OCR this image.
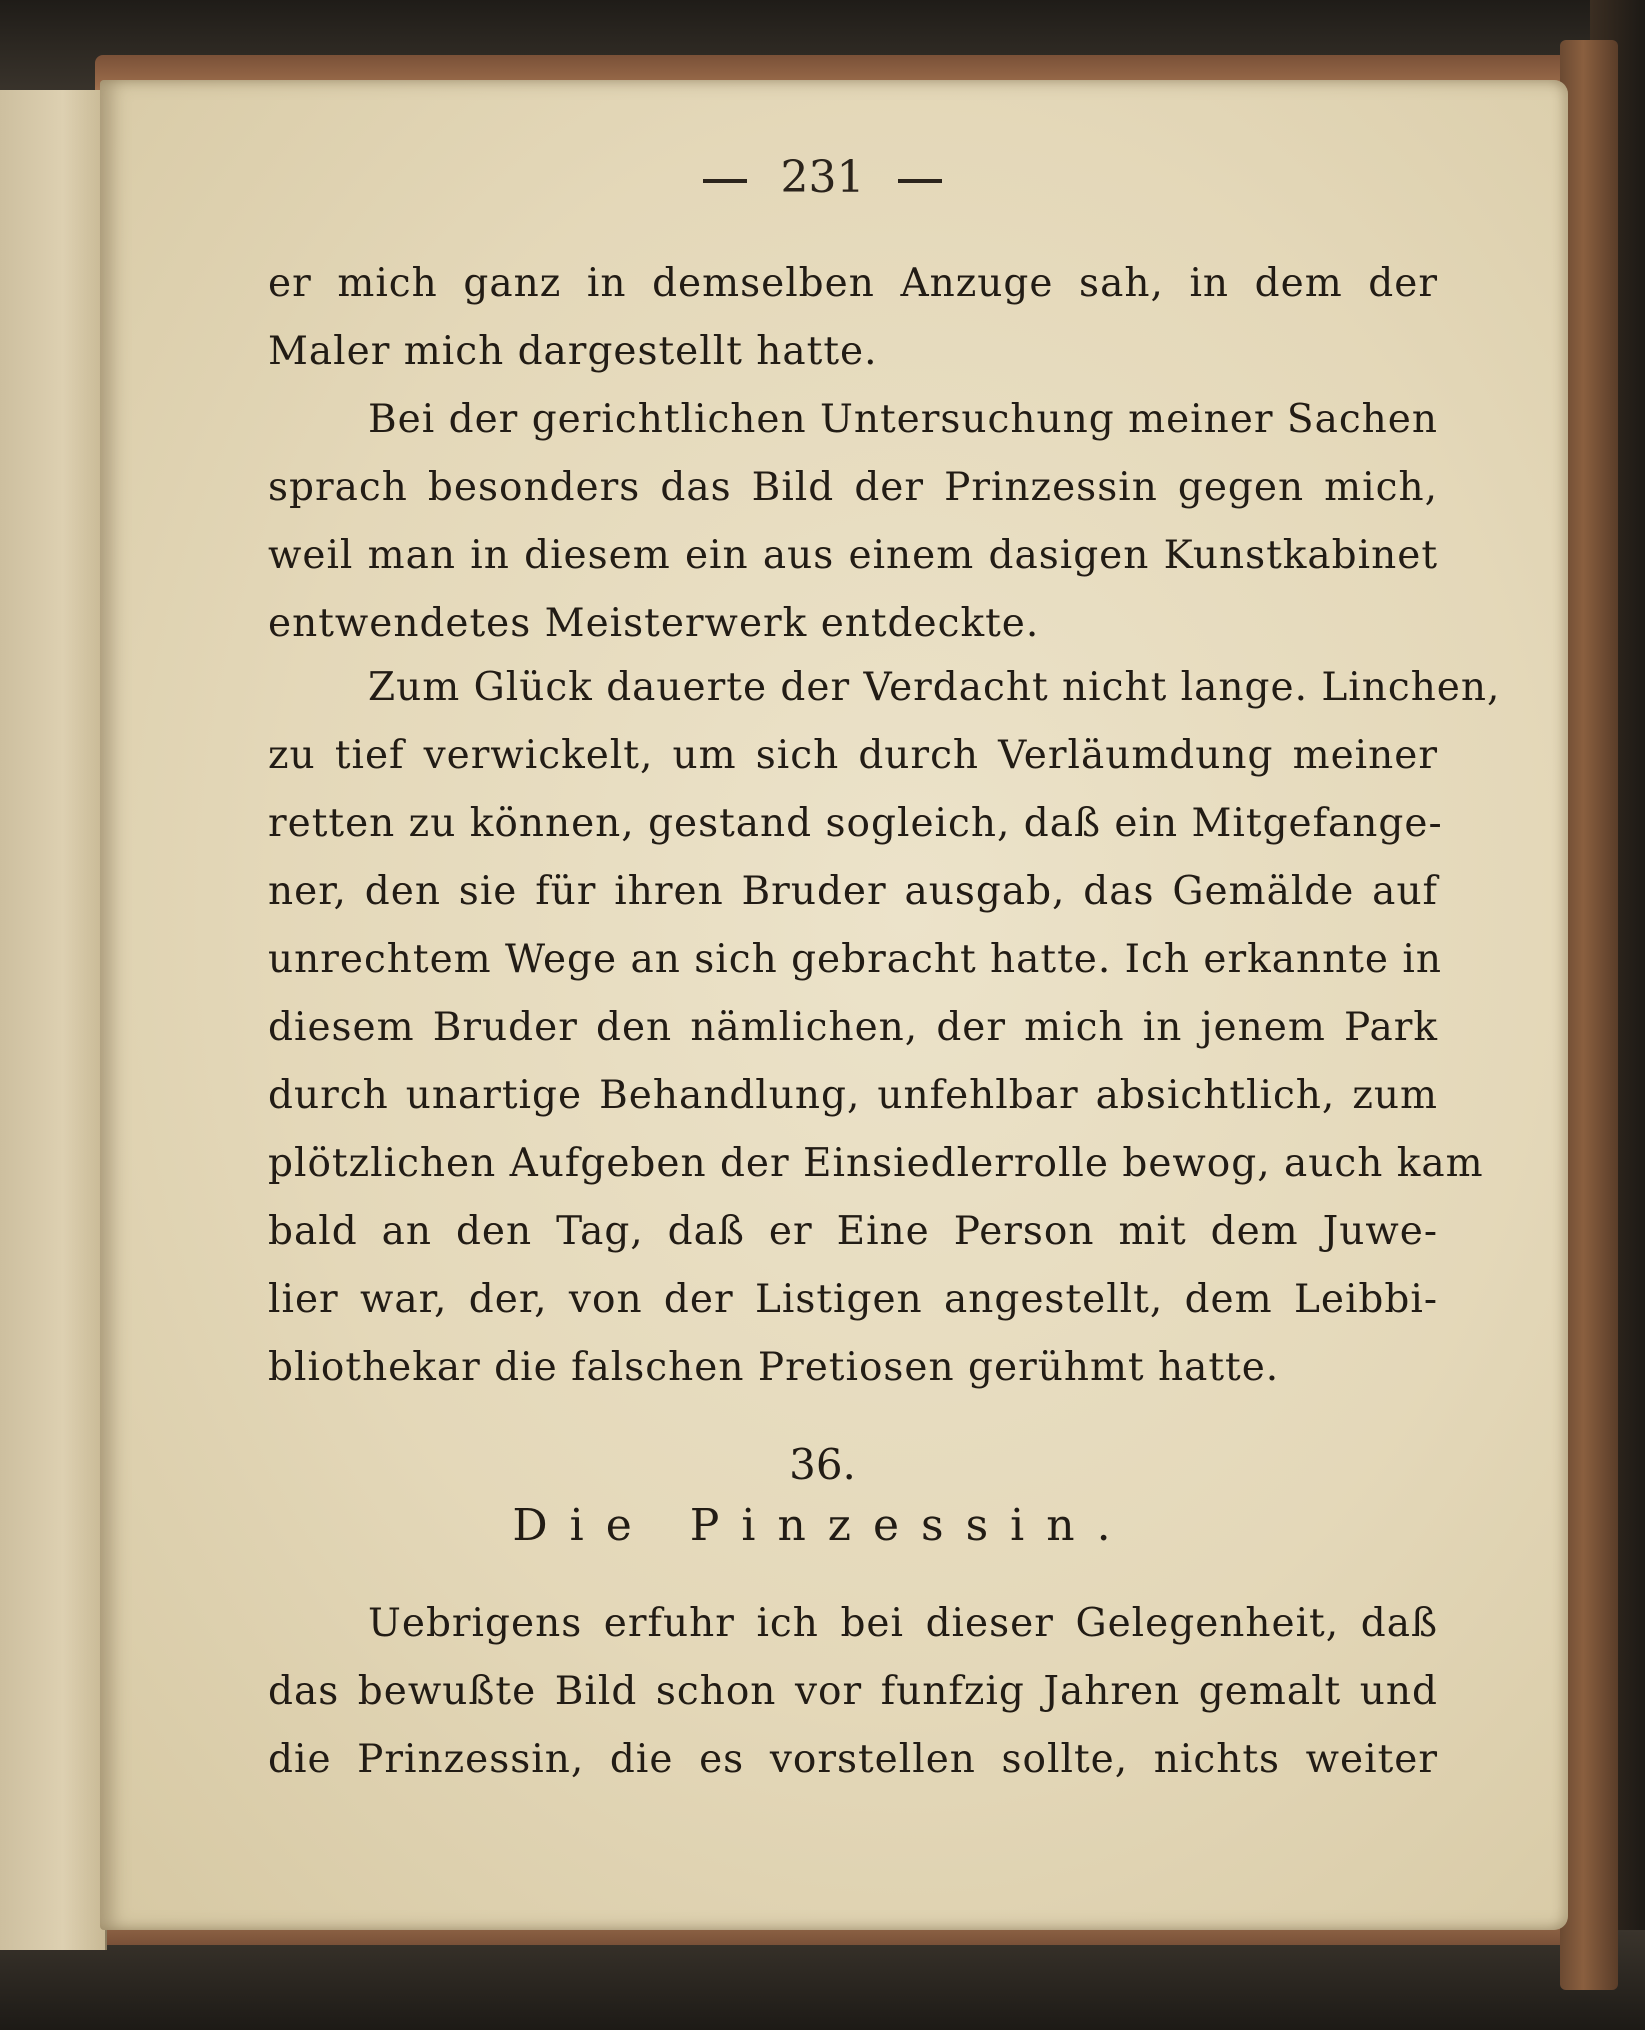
231
er mich ganz in demselben Anzuge sah, in dem der
Maler mich dargestellt hatte.
Bei der gerichtlichen Untersuchung meiner Sachen
sprach besonders das Bild der Prinzessin gegen mich,
weil man in diesem ein aus einem dasigen Kunstkabinet
entwendetes Meisterwerk entdeckte.
Zum Glück dauerte der Verdacht nicht lange. Linchen,
zu tief verwickelt, um sich durch Verläumdung meiner
retten zu können, gestand sogleich, daß ein Mitgefange-
ner, den sie für ihren Bruder ausgab, das Gemälde auf
unrechtem Wege an sich gebracht hatte. Ich erkannte in
diesem Bruder den nämlichen, der mich in jenem Park
durch unartige Behandlung, unfehlbar absichtlich, zum
plötzlichen Aufgeben der Einsiedlerrolle bewog, auch kam
bald an den Tag, daß er Eine Person mit dem Juwe-
lier war, der, von der Listigen angestellt, dem Leibbi-
bliothekar die falschen Pretiosen gerühmt hatte.
36.
Die Pinzessin.
Uebrigens erfuhr ich bei dieser Gelegenheit, daß
das bewußte Bild schon vor funfzig Jahren gemalt und
die Prinzessin, die es vorstellen sollte, nichts weiter
